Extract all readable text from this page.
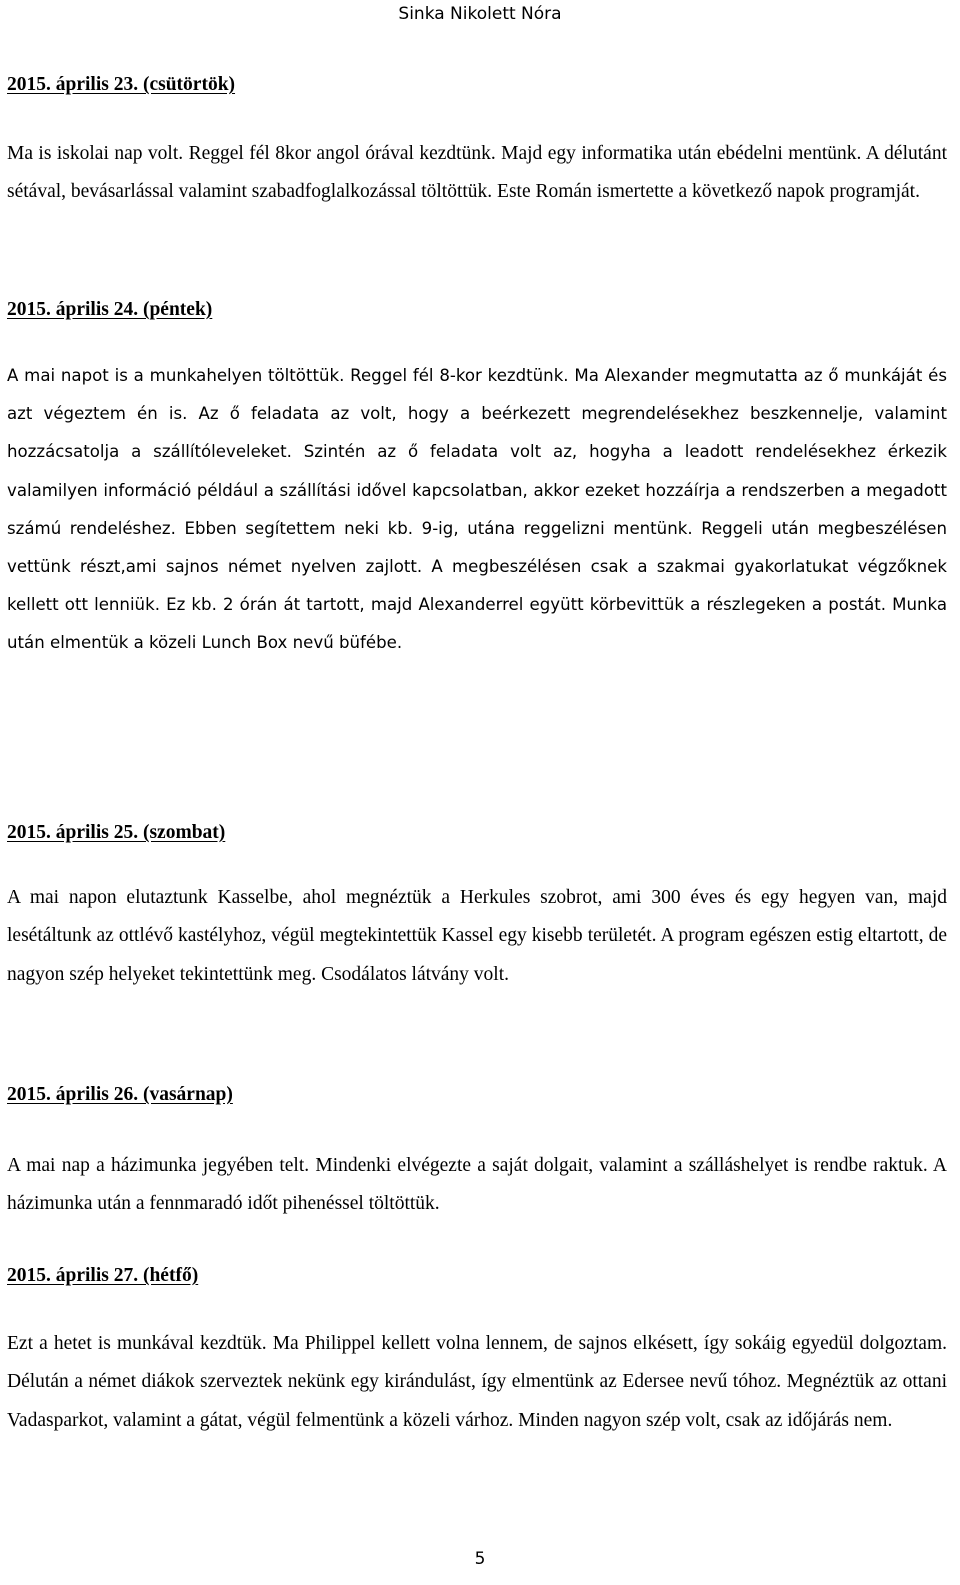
Sinka Nikolett Nóra
2015. április 23. (csütörtök)

Ma is iskolai nap volt. Reggel fél 8kor angol órával kezdtünk. Majd egy informatika után ebédelni mentünk. A délutánt sétával, bevásarlással valamint szabadfoglalkozással töltöttük. Este Román ismertette a következő napok programját.

2015. április 24. (péntek)

A mai napot is a munkahelyen töltöttük. Reggel fél 8-kor kezdtünk. Ma Alexander megmutatta az ő munkáját és azt végeztem én is. Az ő feladata az volt, hogy a beérkezett megrendelésekhez beszkennelje, valamint hozzácsatolja a szállítóleveleket. Szintén az ő feladata volt az, hogyha a leadott rendelésekhez érkezik valamilyen információ például a szállítási idővel kapcsolatban, akkor ezeket hozzáírja a rendszerben a megadott számú rendeléshez. Ebben segítettem neki kb. 9-ig, utána reggelizni mentünk. Reggeli után megbeszélésen vettünk részt,ami sajnos német nyelven zajlott. A megbeszélésen csak a szakmai gyakorlatukat végzőknek kellett ott lenniük. Ez kb. 2 órán át tartott, majd Alexanderrel együtt körbevittük a részlegeken a postát. Munka után elmentük a közeli Lunch Box nevű büfébe.

2015. április 25. (szombat)

A mai napon elutaztunk Kasselbe, ahol megnéztük a Herkules szobrot, ami 300 éves és egy hegyen van, majd lesétáltunk az ottlévő kastélyhoz, végül megtekintettük Kassel egy kisebb területét. A program egészen estig eltartott, de nagyon szép helyeket tekintettünk meg. Csodálatos látvány volt.

2015. április 26. (vasárnap)

A mai nap a házimunka jegyében telt. Mindenki elvégezte a saját dolgait, valamint a szálláshelyet is rendbe raktuk. A házimunka után a fennmaradó időt pihenéssel töltöttük.

2015. április 27. (hétfő)

Ezt a hetet is munkával kezdtük. Ma Philippel kellett volna lennem, de sajnos elkésett, így sokáig egyedül dolgoztam. Délután a német diákok szerveztek nekünk egy kirándulást, így elmentünk az Edersee nevű tóhoz. Megnéztük az ottani Vadasparkot, valamint a gátat, végül felmentünk a közeli várhoz. Minden nagyon szép volt, csak az időjárás nem.

5
